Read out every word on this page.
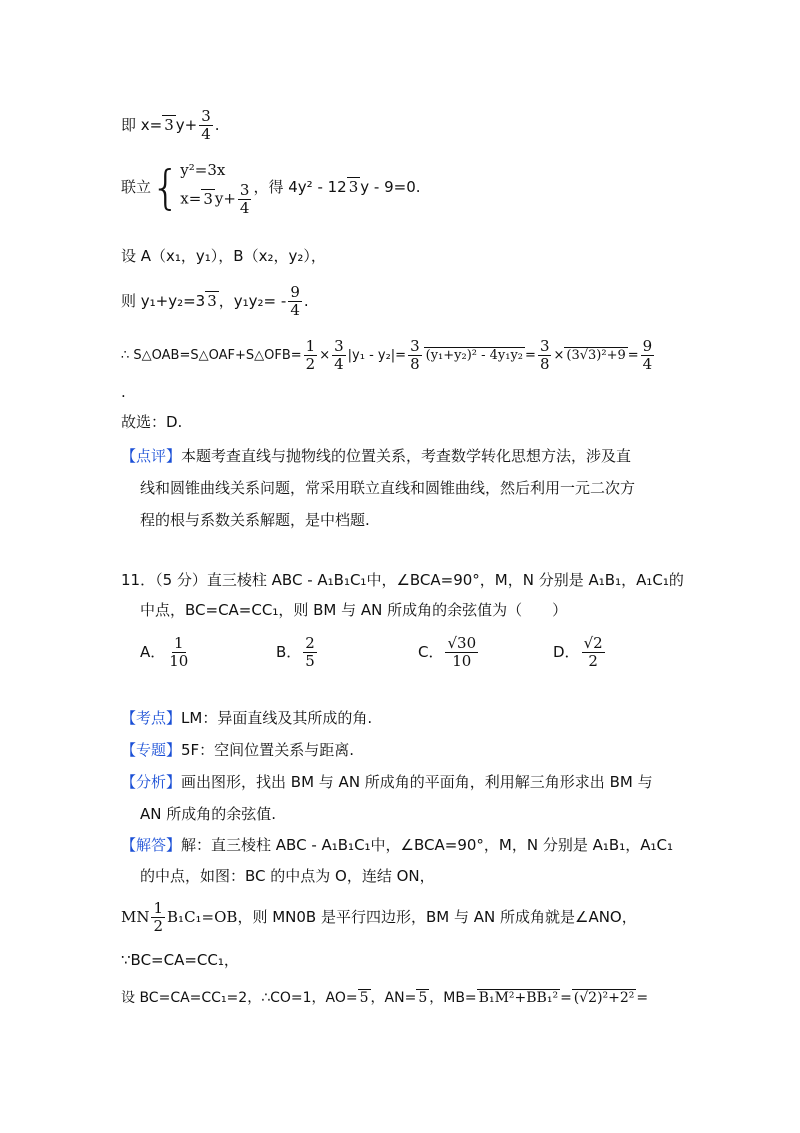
即 x= 3 $y+ \frac{3}{4}$ .
联立{ y²=3x
x= 3 $y+ \frac{3}{4}$ ，得 4y² - 12 3 y - 9=0.
设 A（x₁，y₁），B（x₂，y₂），
则 y₁+y₂=3 3 ，$y_1y_2= - \frac{9}{4}$ .
∴ S△OAB=S△OAF+S△OFB= $\frac{1}{2} \times \frac{3}{4} |y_1 - y_2|= \frac{3}{8} (y_1+y_2)^2 - 4y_1y_2 = \frac{3}{8} \times (3√3)^2+9 = \frac{9}{4}$
.
故选：D.
【点评】本题考查直线与抛物线的位置关系，考查数学转化思想方法，涉及直
线和圆锥曲线关系问题，常采用联立直线和圆锥曲线，然后利用一元二次方
程的根与系数关系解题，是中档题.
11．（5 分）直三棱柱 ABC - A₁B₁C₁中，∠BCA=90°，M，N 分别是 A₁B₁，A₁C₁的
中点，BC=CA=CC₁，则 BM 与 AN 所成角的余弦值为（　　）
A． $\frac{1}{10}$	B． $\frac{2}{5}$	C． $\frac{√30}{10}$	D． $\frac{√2}{2}$
【考点】LM：异面直线及其所成的角.
【专题】5F：空间位置关系与距离.
【分析】画出图形，找出 BM 与 AN 所成角的平面角，利用解三角形求出 BM 与
AN 所成角的余弦值.
【解答】解：直三棱柱 ABC - A₁B₁C₁中，∠BCA=90°，M，N 分别是 A₁B₁，A₁C₁
的中点，如图：BC 的中点为 O，连结 ON，
MN $\frac{1}{2} B_1C_1=OB$，则 MN0B 是平行四边形，BM 与 AN 所成角就是∠ANO，
∵BC=CA=CC₁，
设 BC=CA=CC₁=2，∴CO=1，AO= 5 ，AN= 5 ，MB= B₁M²+BB₁² = (√2)²+2² =
